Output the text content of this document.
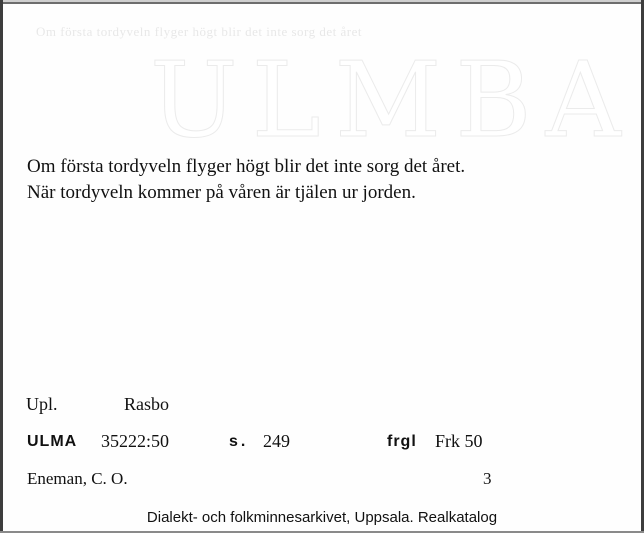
Om första tordyveln flyger högt blir det inte sorg det året
ULMBA
Om första tordyveln flyger högt blir det inte sorg det året.
När tordyveln kommer på våren är tjälen ur jorden.
Upl.	Rasbo
ULMA 35222:50	s. 249	frgl Frk 50
Eneman, C. O.	3
Dialekt- och folkminnesarkivet, Uppsala. Realkatalog
